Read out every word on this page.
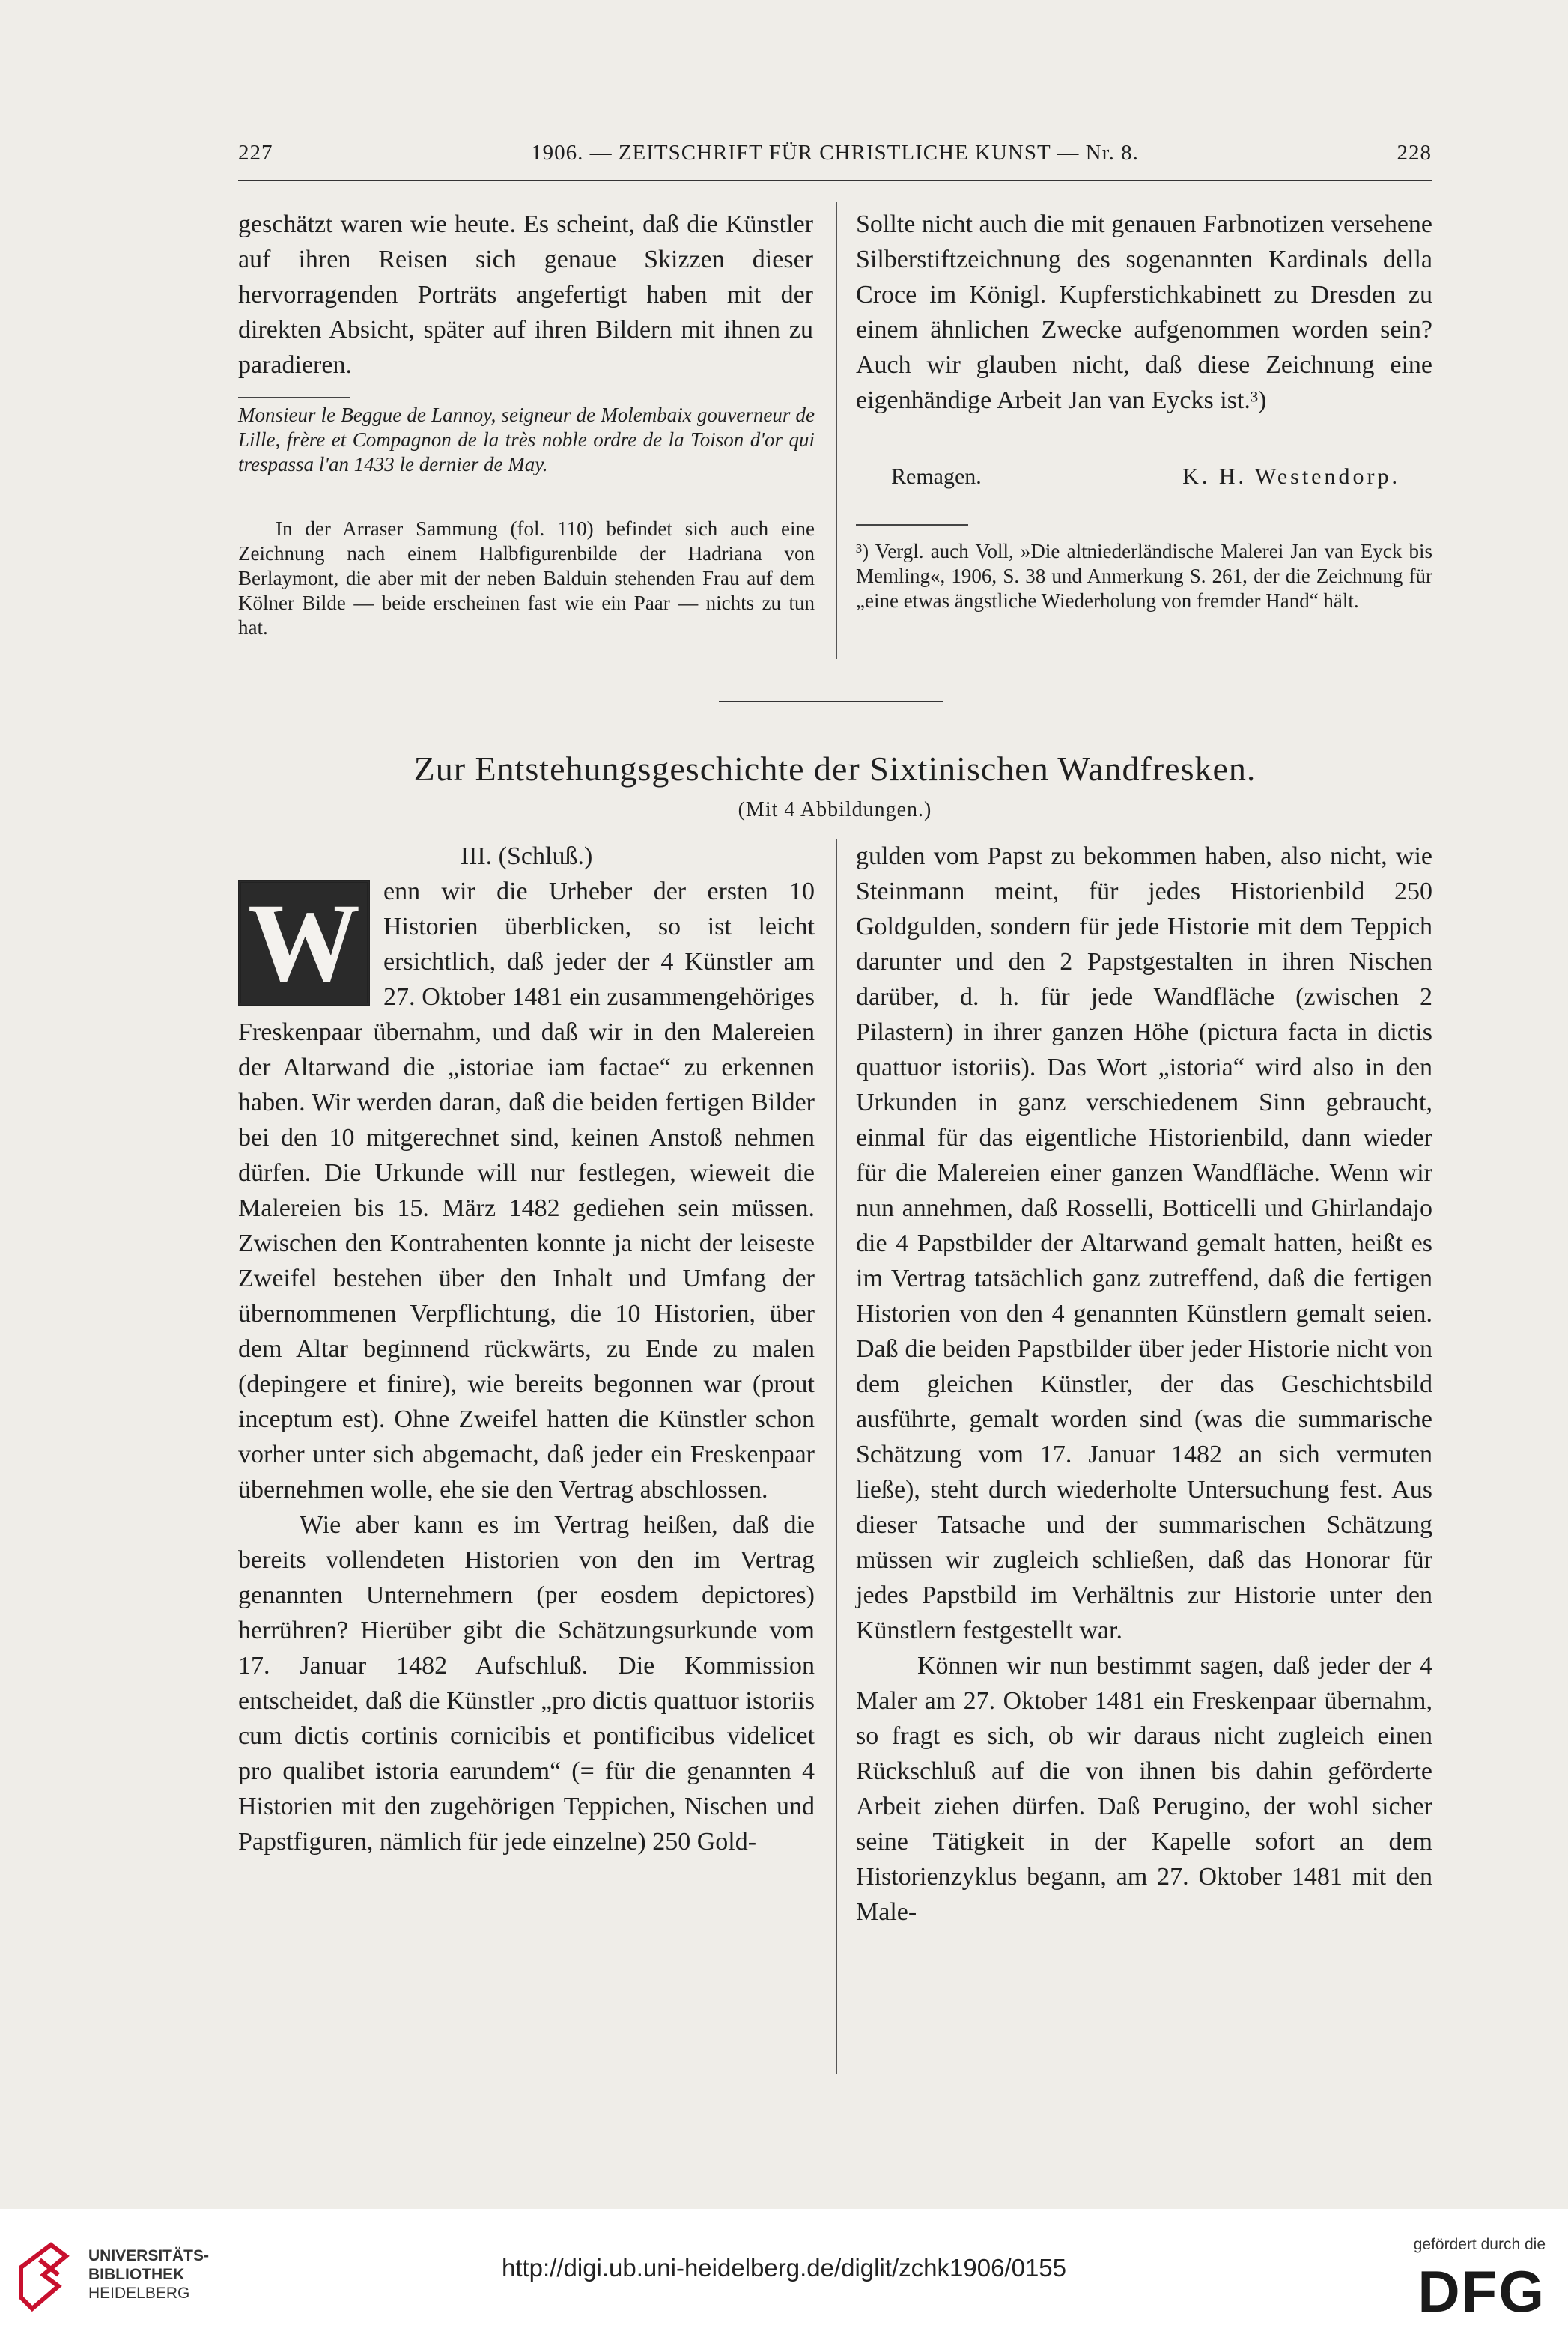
227	1906. — ZEITSCHRIFT FÜR CHRISTLICHE KUNST — Nr. 8.	228

geschätzt waren wie heute. Es scheint, daß die Künstler auf ihren Reisen sich genaue Skizzen dieser hervorragenden Porträts angefertigt haben mit der direkten Absicht, später auf ihren Bildern mit ihnen zu paradieren.

Monsieur le Beggue de Lannoy, seigneur de Molembaix gouverneur de Lille, frère et Compagnon de la très noble ordre de la Toison d'or qui trespassa l'an 1433 le dernier de May.

In der Arraser Sammung (fol. 110) befindet sich auch eine Zeichnung nach einem Halbfigurenbilde der Hadriana von Berlaymont, die aber mit der neben Balduin stehenden Frau auf dem Kölner Bilde — beide erscheinen fast wie ein Paar — nichts zu tun hat.

Sollte nicht auch die mit genauen Farbnotizen versehene Silberstiftzeichnung des sogenannten Kardinals della Croce im Königl. Kupferstichkabinett zu Dresden zu einem ähnlichen Zwecke aufgenommen worden sein? Auch wir glauben nicht, daß diese Zeichnung eine eigenhändige Arbeit Jan van Eycks ist.³)

Remagen.	K. H. Westendorp.

³) Vergl. auch Voll, »Die altniederländische Malerei Jan van Eyck bis Memling«, 1906, S. 38 und Anmerkung S. 261, der die Zeichnung für „eine etwas ängstliche Wiederholung von fremder Hand“ hält.

Zur Entstehungsgeschichte der Sixtinischen Wandfresken.
(Mit 4 Abbildungen.)

III. (Schluß.)

W enn wir die Urheber der ersten 10 Historien überblicken, so ist leicht ersichtlich, daß jeder der 4 Künstler am 27. Oktober 1481 ein zusammengehöriges Freskenpaar übernahm, und daß wir in den Malereien der Altarwand die „istoriae iam factae“ zu erkennen haben. Wir werden daran, daß die beiden fertigen Bilder bei den 10 mitgerechnet sind, keinen Anstoß nehmen dürfen. Die Urkunde will nur festlegen, wieweit die Malereien bis 15. März 1482 gediehen sein müssen. Zwischen den Kontrahenten konnte ja nicht der leiseste Zweifel bestehen über den Inhalt und Umfang der übernommenen Verpflichtung, die 10 Historien, über dem Altar beginnend rückwärts, zu Ende zu malen (depingere et finire), wie bereits begonnen war (prout inceptum est). Ohne Zweifel hatten die Künstler schon vorher unter sich abgemacht, daß jeder ein Freskenpaar übernehmen wolle, ehe sie den Vertrag abschlossen.

Wie aber kann es im Vertrag heißen, daß die bereits vollendeten Historien von den im Vertrag genannten Unternehmern (per eosdem depictores) herrühren? Hierüber gibt die Schätzungsurkunde vom 17. Januar 1482 Aufschluß. Die Kommission entscheidet, daß die Künstler „pro dictis quattuor istoriis cum dictis cortinis cornicibis et pontificibus videlicet pro qualibet istoria earundem“ (= für die genannten 4 Historien mit den zugehörigen Teppichen, Nischen und Papstfiguren, nämlich für jede einzelne) 250 Gold-

gulden vom Papst zu bekommen haben, also nicht, wie Steinmann meint, für jedes Historienbild 250 Goldgulden, sondern für jede Historie mit dem Teppich darunter und den 2 Papstgestalten in ihren Nischen darüber, d. h. für jede Wandfläche (zwischen 2 Pilastern) in ihrer ganzen Höhe (pictura facta in dictis quattuor istoriis). Das Wort „istoria“ wird also in den Urkunden in ganz verschiedenem Sinn gebraucht, einmal für das eigentliche Historienbild, dann wieder für die Malereien einer ganzen Wandfläche. Wenn wir nun annehmen, daß Rosselli, Botticelli und Ghirlandajo die 4 Papstbilder der Altarwand gemalt hatten, heißt es im Vertrag tatsächlich ganz zutreffend, daß die fertigen Historien von den 4 genannten Künstlern gemalt seien. Daß die beiden Papstbilder über jeder Historie nicht von dem gleichen Künstler, der das Geschichtsbild ausführte, gemalt worden sind (was die summarische Schätzung vom 17. Januar 1482 an sich vermuten ließe), steht durch wiederholte Untersuchung fest. Aus dieser Tatsache und der summarischen Schätzung müssen wir zugleich schließen, daß das Honorar für jedes Papstbild im Verhältnis zur Historie unter den Künstlern festgestellt war.

Können wir nun bestimmt sagen, daß jeder der 4 Maler am 27. Oktober 1481 ein Freskenpaar übernahm, so fragt es sich, ob wir daraus nicht zugleich einen Rückschluß auf die von ihnen bis dahin geförderte Arbeit ziehen dürfen. Daß Perugino, der wohl sicher seine Tätigkeit in der Kapelle sofort an dem Historienzyklus begann, am 27. Oktober 1481 mit den Male-

UNIVERSITÄTS-
BIBLIOTHEK
HEIDELBERG
http://digi.ub.uni-heidelberg.de/diglit/zchk1906/0155
gefördert durch die
DFG
